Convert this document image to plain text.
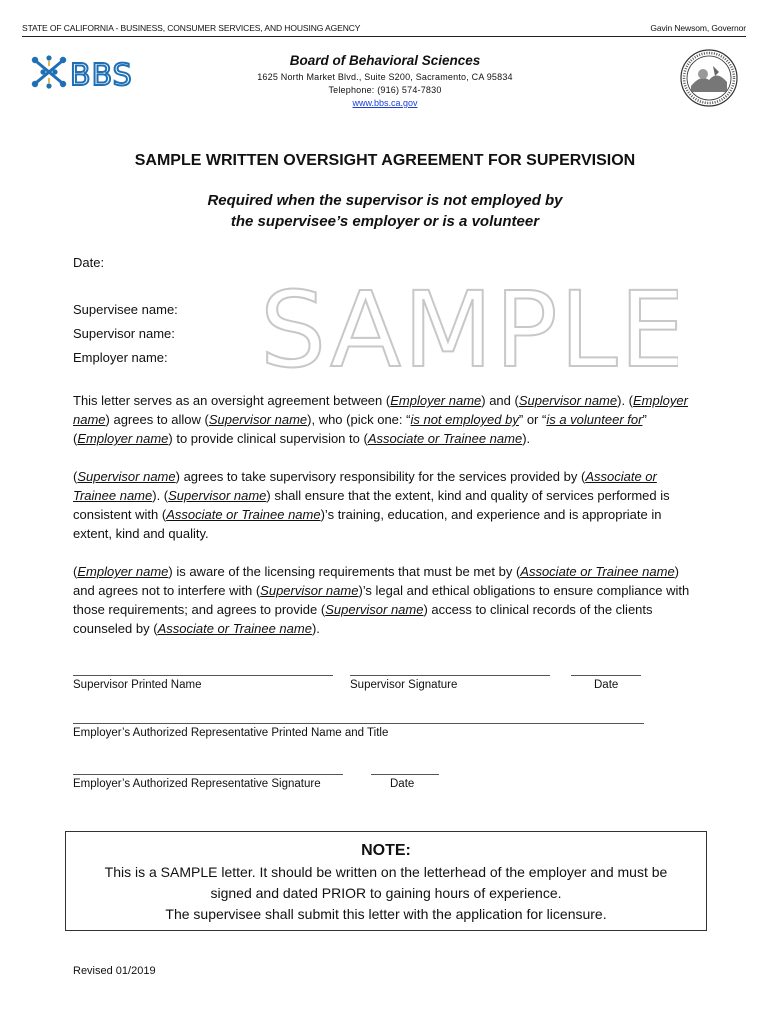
STATE OF CALIFORNIA - BUSINESS, CONSUMER SERVICES, AND HOUSING AGENCY	Gavin Newsom, Governor
BBS	Board of Behavioral Sciences
1625 North Market Blvd., Suite S200, Sacramento, CA 95834
Telephone: (916) 574-7830
www.bbs.ca.gov
SAMPLE WRITTEN OVERSIGHT AGREEMENT FOR SUPERVISION
Required when the supervisor is not employed by
the supervisee’s employer or is a volunteer
Date:
Supervisee name:
Supervisor name:
Employer name: SAMPLE
This letter serves as an oversight agreement between (Employer name) and (Supervisor name). (Employer name) agrees to allow (Supervisor name), who (pick one: “is not employed by” or “is a volunteer for” (Employer name) to provide clinical supervision to (Associate or Trainee name).
(Supervisor name) agrees to take supervisory responsibility for the services provided by (Associate or Trainee name). (Supervisor name) shall ensure that the extent, kind and quality of services performed is consistent with (Associate or Trainee name)’s training, education, and experience and is appropriate in extent, kind and quality.
(Employer name) is aware of the licensing requirements that must be met by (Associate or Trainee name) and agrees not to interfere with (Supervisor name)’s legal and ethical obligations to ensure compliance with those requirements; and agrees to provide (Supervisor name) access to clinical records of the clients counseled by (Associate or Trainee name).
Supervisor Printed Name	Supervisor Signature	Date
Employer’s Authorized Representative Printed Name and Title
Employer’s Authorized Representative Signature	Date
NOTE:
This is a SAMPLE letter. It should be written on the letterhead of the employer and must be
signed and dated PRIOR to gaining hours of experience.
The supervisee shall submit this letter with the application for licensure.
Revised 01/2019
